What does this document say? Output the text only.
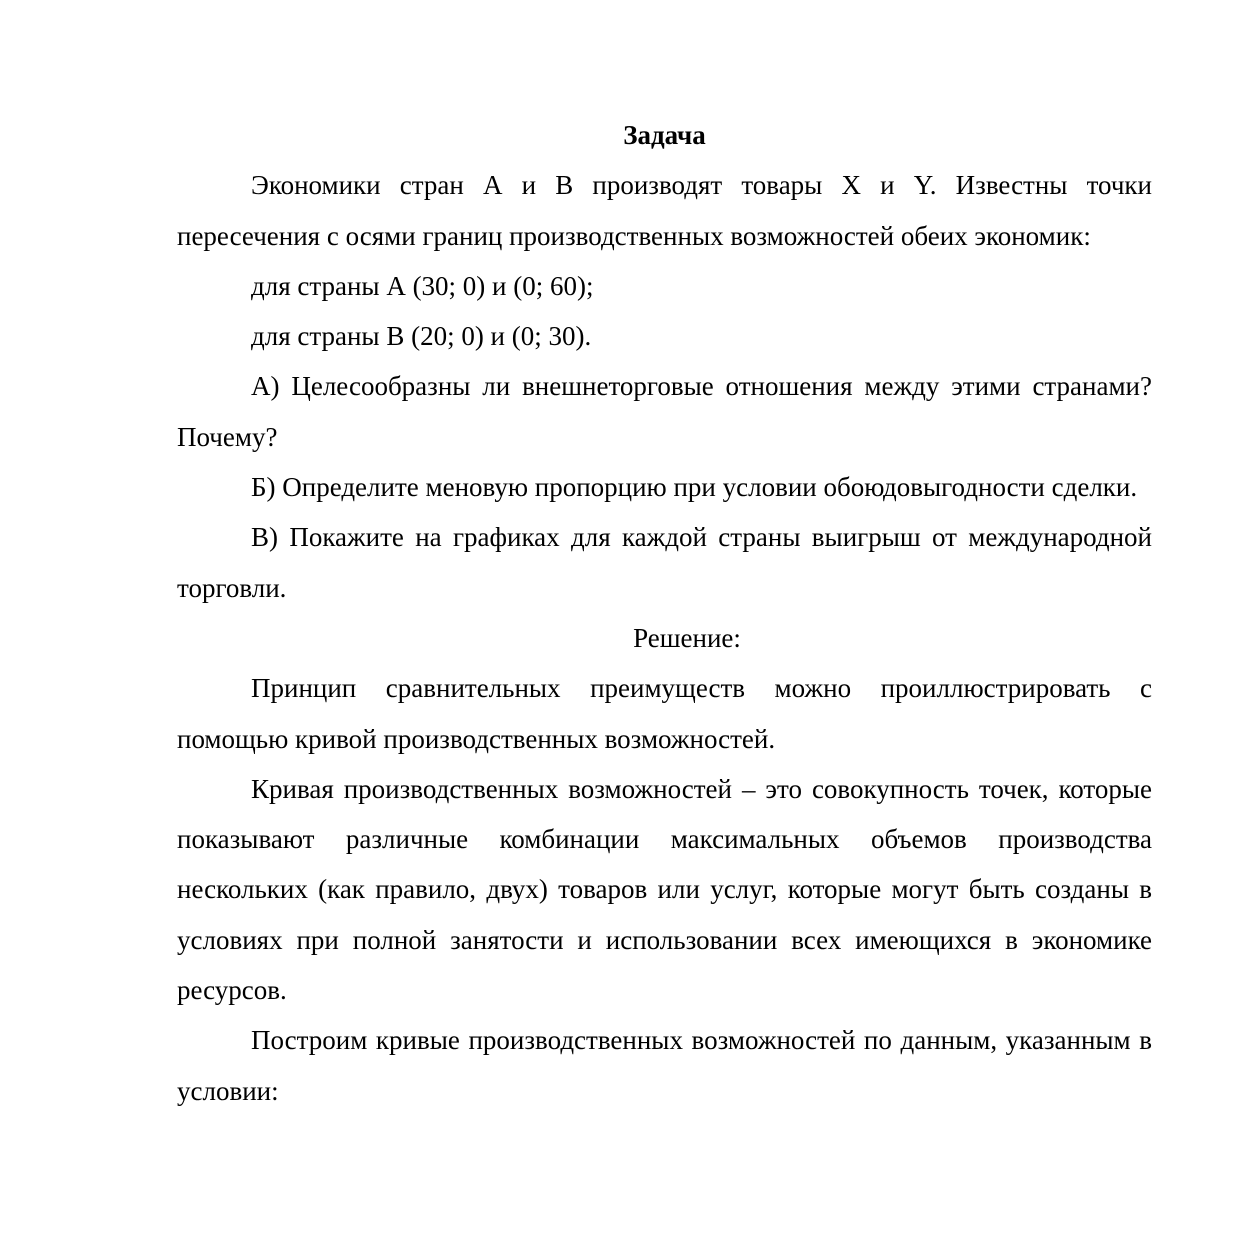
Задача

Экономики стран А и В производят товары X и Y. Известны точки пересечения с осями границ производственных возможностей обеих экономик:

для страны А (30; 0) и (0; 60);

для страны В (20; 0) и (0; 30).

А) Целесообразны ли внешнеторговые отношения между этими странами? Почему?

Б) Определите меновую пропорцию при условии обоюдовыгодности сделки.

В) Покажите на графиках для каждой страны выигрыш от международной торговли.

Решение:

Принцип сравнительных преимуществ можно проиллюстрировать с помощью кривой производственных возможностей.

Кривая производственных возможностей – это совокупность точек, которые показывают различные комбинации максимальных объемов производства нескольких (как правило, двух) товаров или услуг, которые могут быть созданы в условиях при полной занятости и использовании всех имеющихся в экономике ресурсов.

Построим кривые производственных возможностей по данным, указанным в условии:
